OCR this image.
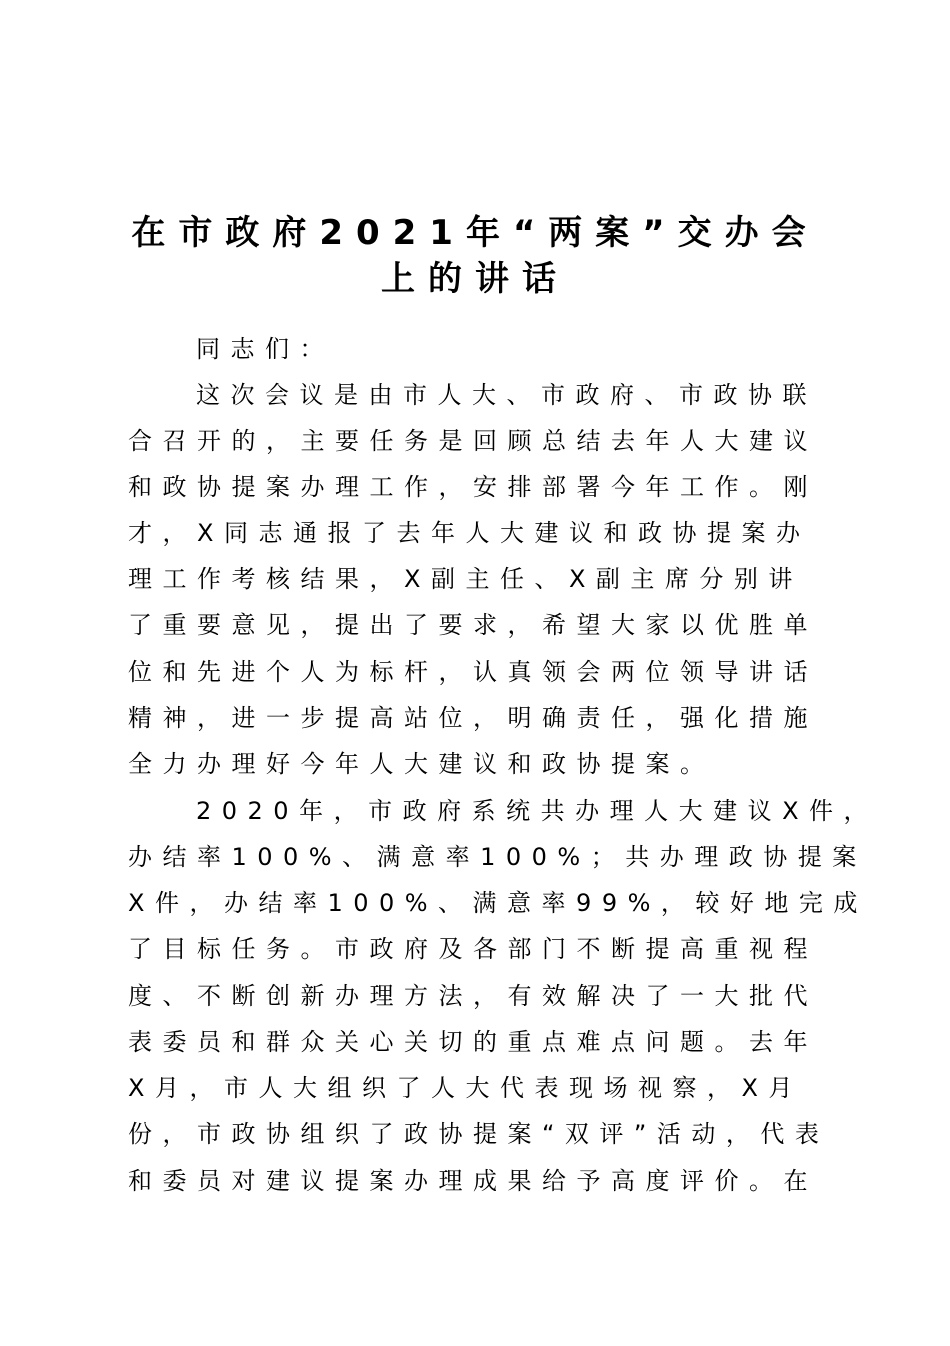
在市政府2021年“两案”交办会
上的讲话

同志们：

这次会议是由市人大、市政府、市政协联

合召开的，主要任务是回顾总结去年人大建议

和政协提案办理工作，安排部署今年工作。刚

才，X同志通报了去年人大建议和政协提案办

理工作考核结果，X副主任、X副主席分别讲

了重要意见，提出了要求，希望大家以优胜单

位和先进个人为标杆，认真领会两位领导讲话

精神，进一步提高站位，明确责任，强化措施

全力办理好今年人大建议和政协提案。

2020年，市政府系统共办理人大建议X件，

办结率100%、满意率100%；共办理政协提案

X件，办结率100%、满意率99%，较好地完成

了目标任务。市政府及各部门不断提高重视程

度、不断创新办理方法，有效解决了一大批代

表委员和群众关心关切的重点难点问题。去年

X月，市人大组织了人大代表现场视察，X月

份，市政协组织了政协提案“双评”活动，代表

和委员对建议提案办理成果给予高度评价。在
